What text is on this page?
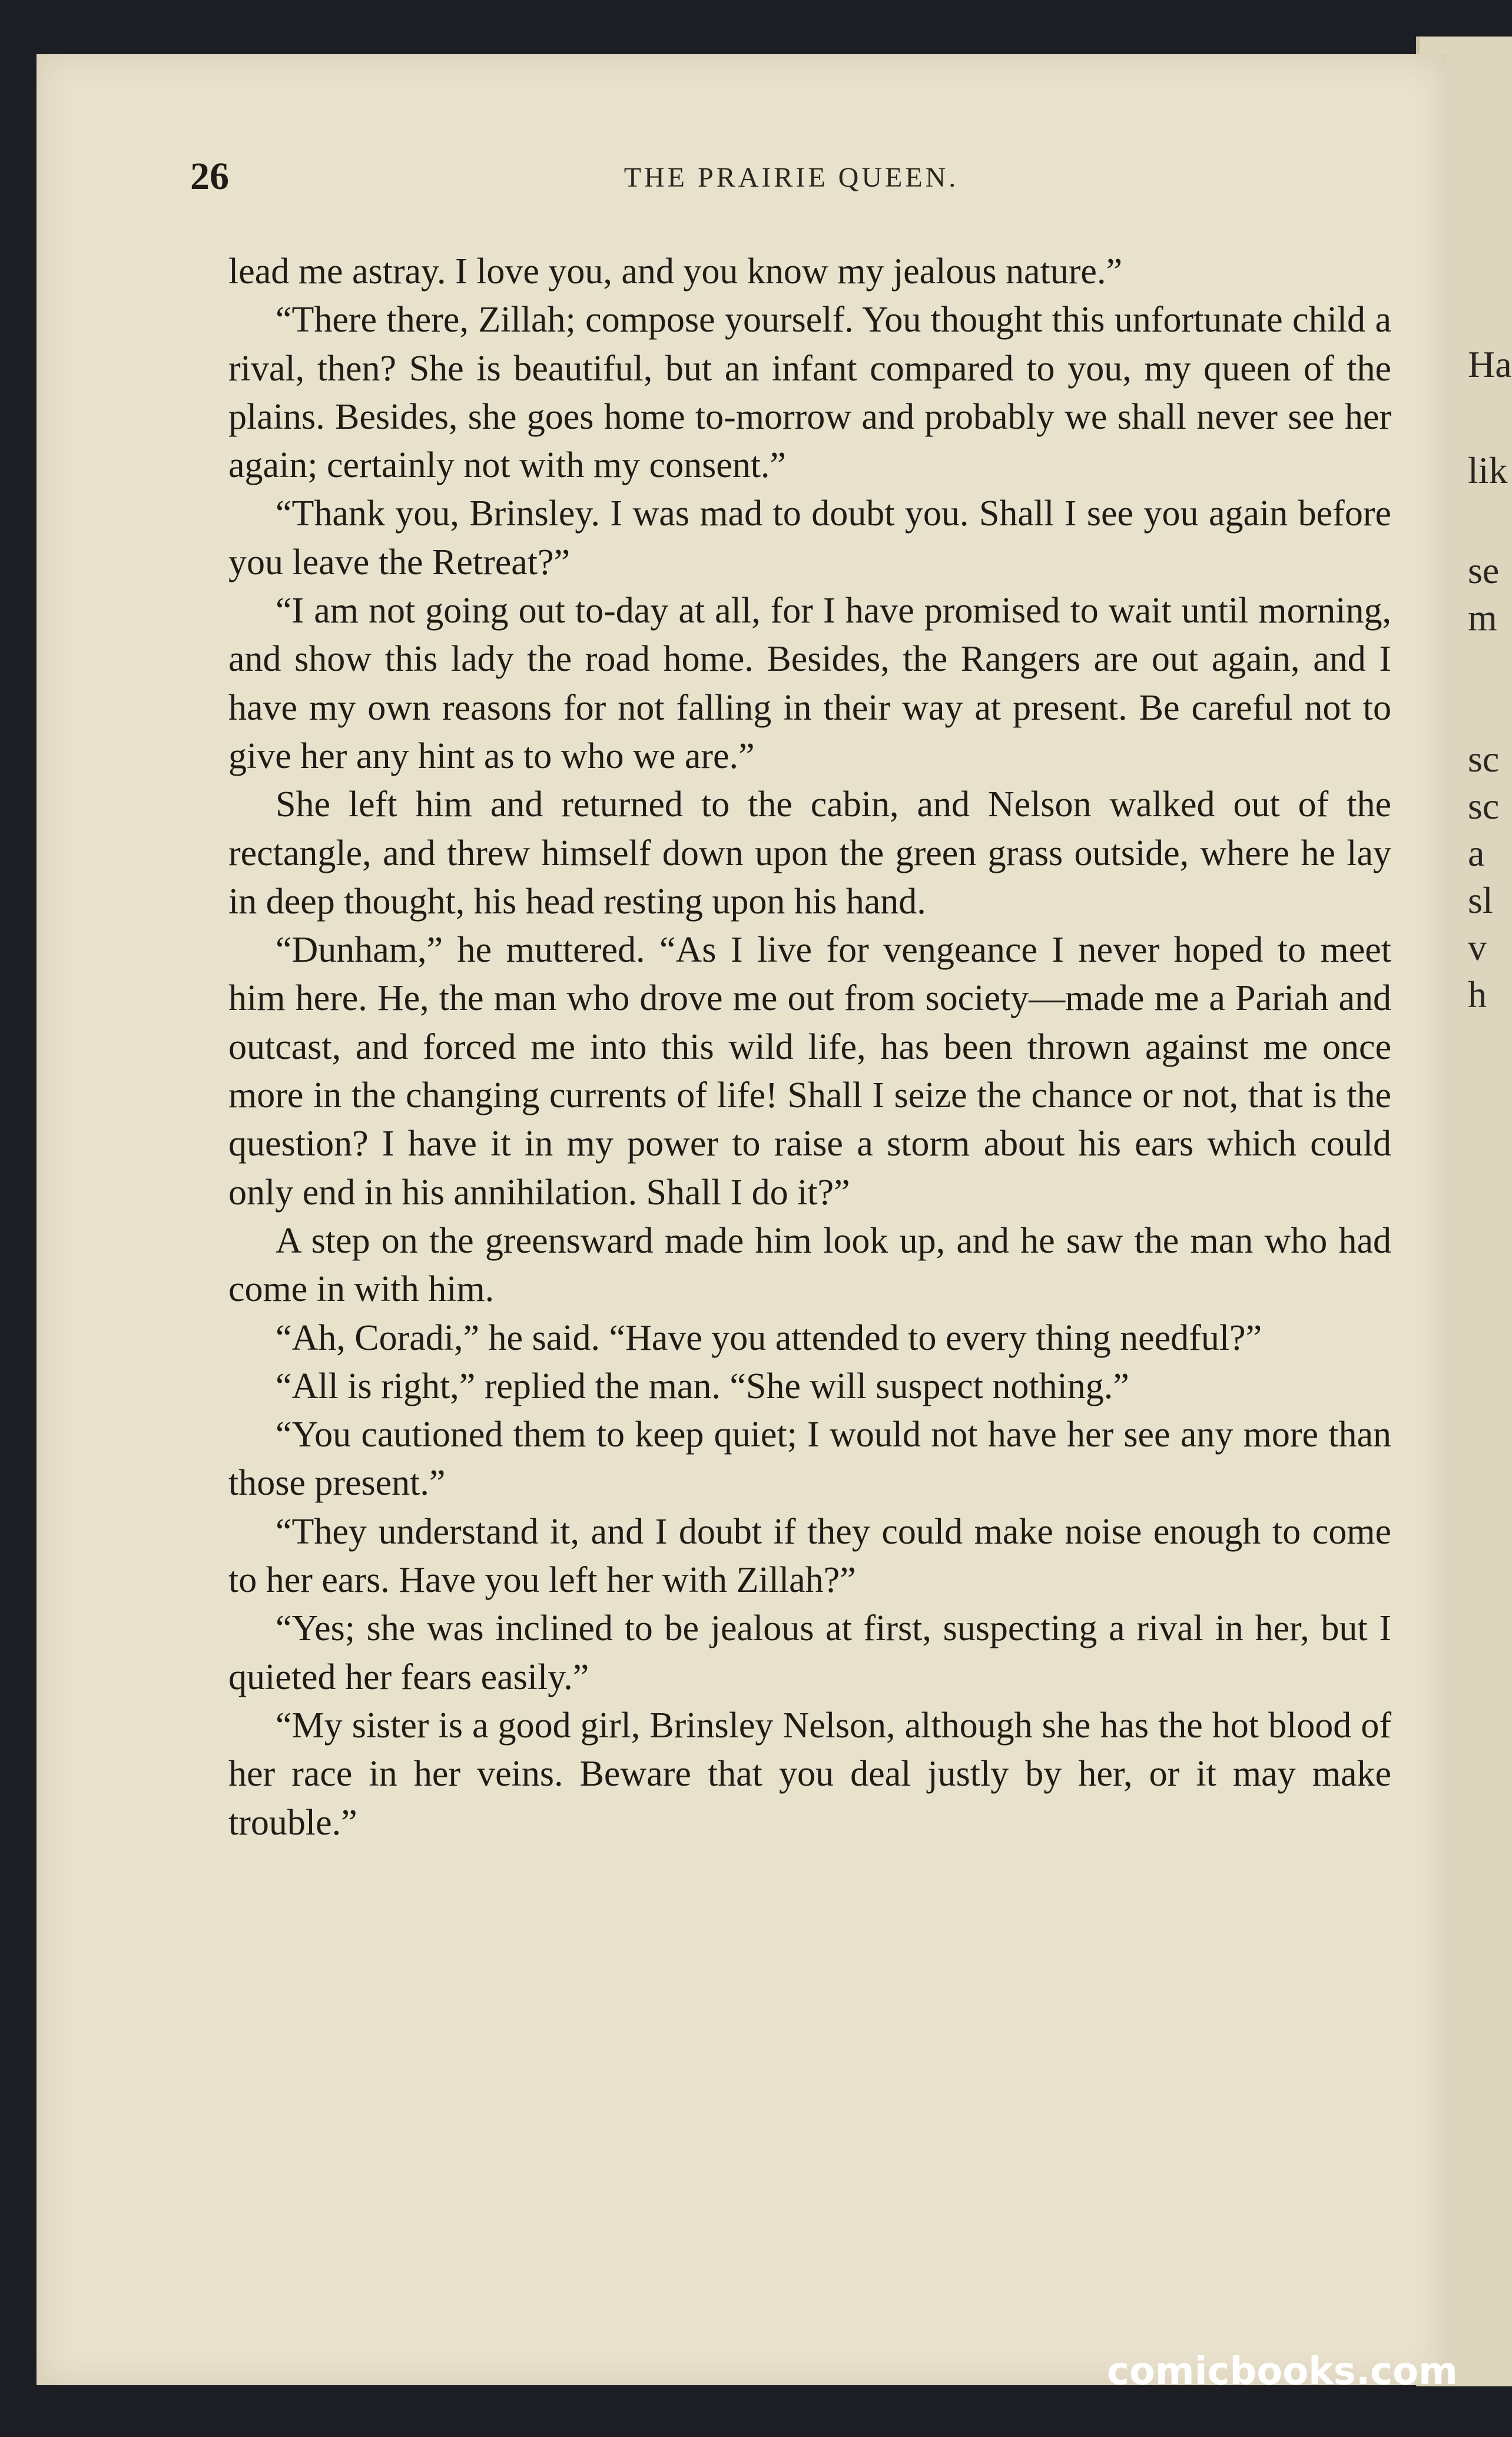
Ha
lik
se
m
sc
sc
a
sl
v
h
26	THE PRAIRIE QUEEN.

lead me astray. I love you, and you know my jealous nature.”

“There there, Zillah; compose yourself. You thought this unfortunate child a rival, then? She is beautiful, but an infant compared to you, my queen of the plains. Besides, she goes home to-morrow and probably we shall never see her again; certainly not with my consent.”

“Thank you, Brinsley. I was mad to doubt you. Shall I see you again before you leave the Retreat?”

“I am not going out to-day at all, for I have promised to wait until morning, and show this lady the road home. Besides, the Rangers are out again, and I have my own reasons for not falling in their way at present. Be careful not to give her any hint as to who we are.”

She left him and returned to the cabin, and Nelson walked out of the rectangle, and threw himself down upon the green grass outside, where he lay in deep thought, his head resting upon his hand.

“Dunham,” he muttered. “As I live for vengeance I never hoped to meet him here. He, the man who drove me out from society—made me a Pariah and outcast, and forced me into this wild life, has been thrown against me once more in the changing currents of life! Shall I seize the chance or not, that is the question? I have it in my power to raise a storm about his ears which could only end in his annihilation. Shall I do it?”

A step on the greensward made him look up, and he saw the man who had come in with him.

“Ah, Coradi,” he said. “Have you attended to every thing needful?”

“All is right,” replied the man. “She will suspect nothing.”

“You cautioned them to keep quiet; I would not have her see any more than those present.”

“They understand it, and I doubt if they could make noise enough to come to her ears. Have you left her with Zillah?”

“Yes; she was inclined to be jealous at first, suspecting a rival in her, but I quieted her fears easily.”

“My sister is a good girl, Brinsley Nelson, although she has the hot blood of her race in her veins. Beware that you deal justly by her, or it may make trouble.”

comicbooks.com
